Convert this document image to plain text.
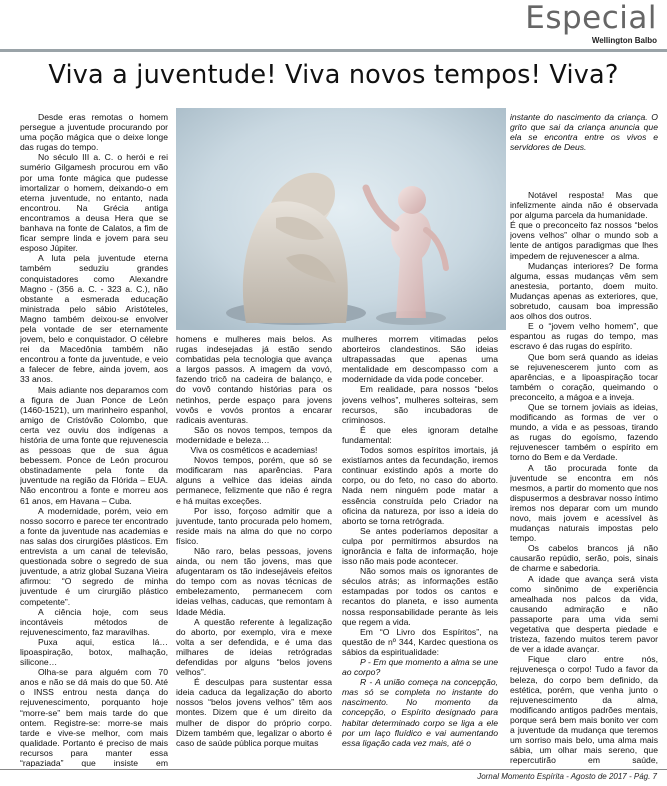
Especial
Wellington Balbo
Viva a juventude! Viva novos tempos! Viva?

Desde eras remotas o homem persegue a juventude procurando por uma poção mágica que o deixe longe das rugas do tempo.

No século III a. C. o herói e rei sumério Gilgamesh procurou em vão por uma fonte mágica que pudesse imortalizar o homem, deixando-o em eterna juventude, no entanto, nada encontrou. Na Grécia antiga encontramos a deusa Hera que se banhava na fonte de Calatos, a fim de ficar sempre linda e jovem para seu esposo Júpiter.

A luta pela juventude eterna também seduziu grandes conquistadores como Alexandre Magno - (356 a. C. - 323 a. C.), não obstante a esmerada educação ministrada pelo sábio Aristóteles, Magno também deixou-se envolver pela vontade de ser eternamente jovem, belo e conquistador. O célebre rei da Macedônia também não encontrou a fonte da juventude, e veio a falecer de febre, ainda jovem, aos 33 anos.

Mais adiante nos deparamos com a figura de Juan Ponce de León (1460-1521), um marinheiro espanhol, amigo de Cristóvão Colombo, que certa vez ouviu dos indígenas a história de uma fonte que rejuvenescia as pessoas que de sua água bebessem. Ponce de León procurou obstinadamente pela fonte da juventude na região da Flórida – EUA. Não encontrou a fonte e morreu aos 61 anos, em Havana – Cuba.

A modernidade, porém, veio em nosso socorro e parece ter encontrado a fonte da juventude nas academias e nas salas dos cirurgiões plásticos. Em entrevista a um canal de televisão, questionada sobre o segredo de sua juventude, a atriz global Suzana Vieira afirmou: “O segredo de minha juventude é um cirurgião plástico competente”.

A ciência hoje, com seus incontáveis métodos de rejuvenescimento, faz maravilhas.

Puxa aqui, estica lá… lipoaspiração, botox, malhação, silicone…

Olha-se para alguém com 70 anos e não se dá mais do que 50. Até o INSS entrou nesta dança do rejuvenescimento, porquanto hoje “morre-se” bem mais tarde do que ontem. Registre-se: morre-se mais tarde e vive-se melhor, com mais qualidade. Portanto é preciso de mais recursos para manter essa “rapaziada” que insiste em

homens e mulheres mais belos. As rugas indesejadas já estão sendo combatidas pela tecnologia que avança a largos passos. A imagem da vovó, fazendo tricô na cadeira de balanço, e do vovô contando histórias para os netinhos, perde espaço para jovens vovôs e vovós prontos a encarar radicais aventuras.

São os novos tempos, tempos da modernidade e beleza…

Viva os cosméticos e academias!

Novos tempos, porém, que só se modificaram nas aparências. Para alguns a velhice das ideias ainda permanece, felizmente que não é regra e há muitas exceções.

Por isso, forçoso admitir que a juventude, tanto procurada pelo homem, reside mais na alma do que no corpo físico.

Não raro, belas pessoas, jovens ainda, ou nem tão jovens, mas que afugentaram os tão indesejáveis efeitos do tempo com as novas técnicas de embelezamento, permanecem com ideias velhas, caducas, que remontam à Idade Média.

A questão referente à legalização do aborto, por exemplo, vira e mexe volta a ser defendida, e é uma das milhares de ideias retrógradas defendidas por alguns “belos jovens velhos”.

É desculpas para sustentar essa ideia caduca da legalização do aborto nossos “belos jovens velhos” têm aos montes. Dizem que é um direito da mulher de dispor do próprio corpo. Dizem também que, legalizar o aborto é caso de saúde pública porque muitas

mulheres morrem vitimadas pelos aborteiros clandestinos. São ideias ultrapassadas que apenas uma mentalidade em descompasso com a modernidade da vida pode conceber.

Em realidade, para nossos “belos jovens velhos”, mulheres solteiras, sem recursos, são incubadoras de criminosos.

É que eles ignoram detalhe fundamental:

Todos somos espíritos imortais, já existíamos antes da fecundação, iremos continuar existindo após a morte do corpo, ou do feto, no caso do aborto. Nada nem ninguém pode matar a essência construída pelo Criador na oficina da natureza, por isso a ideia do aborto se torna retrógrada.

Se antes poderíamos depositar a culpa por permitirmos absurdos na ignorância e falta de informação, hoje isso não mais pode acontecer.

Não somos mais os ignorantes de séculos atrás; as informações estão estampadas por todos os cantos e recantos do planeta, e isso aumenta nossa responsabilidade perante às leis que regem a vida.

Em “O Livro dos Espíritos”, na questão de nº 344, Kardec questiona os sábios da espiritualidade:

P - Em que momento a alma se une ao corpo?

R - A união começa na concepção, mas só se completa no instante do nascimento. No momento da concepção, o Espírito designado para habitar determinado corpo se liga a ele por um laço fluídico e vai aumentando essa ligação cada vez mais, até o

instante do nascimento da criança. O grito que sai da criança anuncia que ela se encontra entre os vivos e servidores de Deus.

Notável resposta! Mas que infelizmente ainda não é observada por alguma parcela da humanidade.

É que o preconceito faz nossos “belos jovens velhos” olhar o mundo sob a lente de antigos paradigmas que lhes impedem de rejuvenescer a alma.

Mudanças interiores? De forma alguma, essas mudanças vêm sem anestesia, portanto, doem muito. Mudanças apenas as exteriores, que, sobretudo, causam boa impressão aos olhos dos outros.

E o “jovem velho homem”, que espantou as rugas do tempo, mas escravo é das rugas do espírito.

Que bom será quando as ideias se rejuvenescerem junto com as aparências, e a lipoaspiração tocar também o coração, queimando o preconceito, a mágoa e a inveja.

Que se tornem joviais as ideias, modificando as formas de ver o mundo, a vida e as pessoas, tirando as rugas do egoísmo, fazendo rejuvenescer também o espírito em torno do Bem e da Verdade.

A tão procurada fonte da juventude se encontra em nós mesmos, a partir do momento que nos dispusermos a desbravar nosso íntimo iremos nos deparar com um mundo novo, mais jovem e acessível às mudanças naturais impostas pelo tempo.

Os cabelos brancos já não causarão repúdio, serão, pois, sinais de charme e sabedoria.

A idade que avança será vista como sinônimo de experiência amealhada nos palcos da vida, causando admiração e não passaporte para uma vida semi vegetativa que desperta piedade e tristeza, fazendo muitos terem pavor de ver a idade avançar.

Fique claro entre nós, rejuvenesça o corpo! Tudo a favor da beleza, do corpo bem definido, da estética, porém, que venha junto o rejuvenescimento da alma, modificando antigos padrões mentais, porque será bem mais bonito ver com a juventude da mudança que teremos um sorriso mais belo, uma alma mais sábia, um olhar mais sereno, que repercutirão em saúde,

Jornal Momento Espírita - Agosto de 2017 - Pág. 7
